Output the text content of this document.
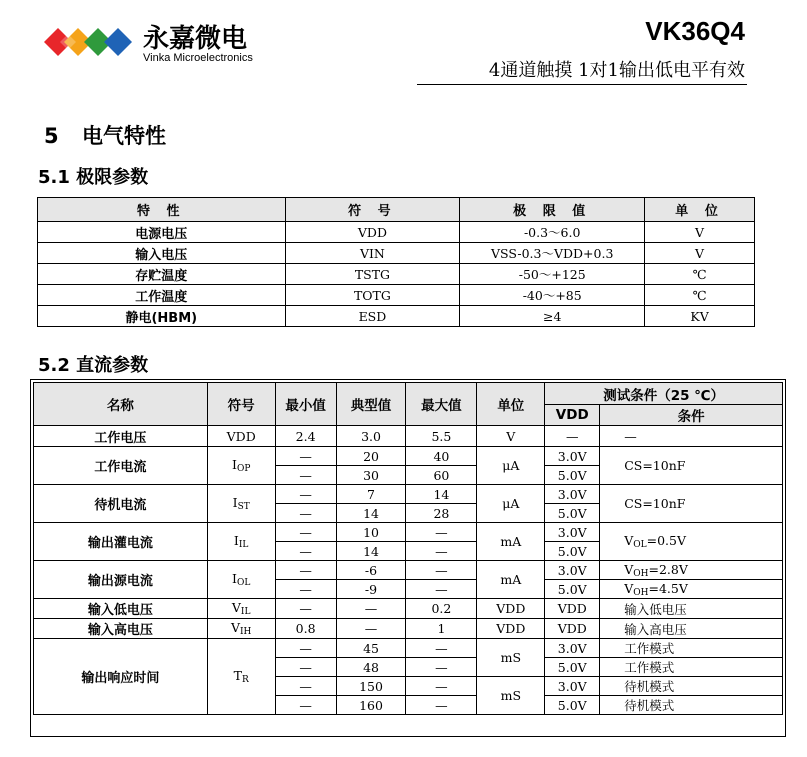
永嘉微电
Vinka Microelectronics
VK36Q4
4通道触摸 1对1输出低电平有效
5 电气特性
5.1 极限参数
特 性	符 号	极 限 值	单 位
电源电压	VDD	-0.3～6.0	V
输入电压	VIN	VSS-0.3～VDD+0.3	V
存贮温度	TSTG	-50～+125	℃
工作温度	TOTG	-40～+85	℃
静电(HBM)	ESD	≥4	KV
5.2 直流参数
名称	符号	最小值	典型值	最大值	单位	测试条件（25 ℃）	
						VDD	条件
工作电压	VDD	2.4	3.0	5.5	V	—	—
工作电流	$I_{OP}$	—	20	40	μA	3.0V	CS=10nF
		—	30	60		5.0V	
待机电流	$I_{ST}$	—	7	14	μA	3.0V	CS=10nF
		—	14	28		5.0V	
输出灌电流	$I_{IL}$	—	10	—	mA	3.0V	$V_{OL}=0.5V$
		—	14	—		5.0V	
输出源电流	$I_{OL}$	—	-6	—	mA	3.0V	$V_{OH}=2.8V$
		—	-9	—		5.0V	$V_{OH}=4.5V$
输入低电压	$V_{IL}$	—	—	0.2	VDD	VDD	输入低电压
输入高电压	$V_{IH}$	0.8	—	1	VDD	VDD	输入高电压
输出响应时间	$T_R$	—	45	—	mS	3.0V	工作模式
		—	48	—		5.0V	工作模式
		—	150	—	mS	3.0V	待机模式
		—	160	—		5.0V	待机模式
